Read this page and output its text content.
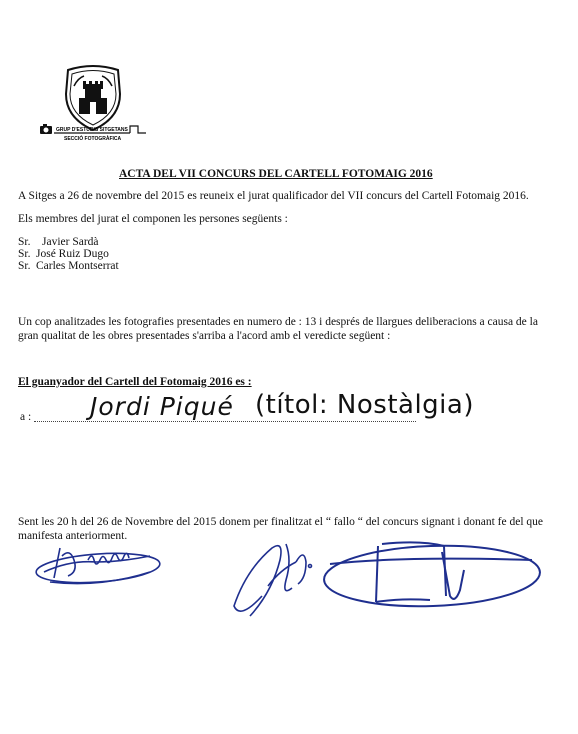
GRUP D'ESTUDIS SITGETANS
SECCIÓ FOTOGRÀFICA
ACTA DEL VII CONCURS DEL CARTELL FOTOMAIG 2016
A Sitges a 26 de novembre del 2015 es reuneix el jurat qualificador del VII concurs del Cartell Fotomaig 2016.
Els membres del jurat el componen les persones següents :
Sr. Javier Sardà
Sr. José Ruiz Dugo
Sr. Carles Montserrat
Un cop analitzades les fotografies presentades en numero de : 13 i després de llargues deliberacions a causa de la gran qualitat de les obres presentades s'arriba a l'acord amb el veredicte següent :
El guanyador del Cartell del Fotomaig 2016 es :
a : Jordi Piqué (títol: Nostàlgia)
Sent les 20 h del 26 de Novembre del 2015 donem per finalitzat el “ fallo “ del concurs signant i donant fe del que manifesta anteriorment.
